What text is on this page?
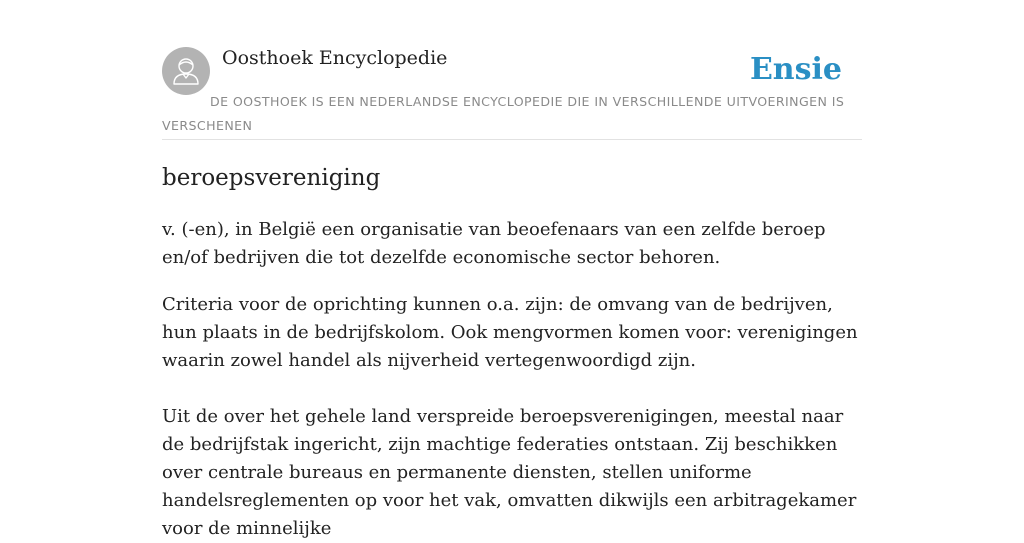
Oosthoek Encyclopedie	Ensie
DE OOSTHOEK IS EEN NEDERLANDSE ENCYCLOPEDIE DIE IN VERSCHILLENDE UITVOERINGEN IS VERSCHENEN
beroepsvereniging

v. (-en), in België een organisatie van beoefenaars van een zelfde beroep en/of bedrijven die tot dezelfde economische sector behoren.

Criteria voor de oprichting kunnen o.a. zijn: de omvang van de bedrijven, hun plaats in de bedrijfskolom. Ook mengvormen komen voor: verenigingen waarin zowel handel als nijverheid vertegenwoordigd zijn.

Uit de over het gehele land verspreide beroepsverenigingen, meestal naar de bedrijfstak ingericht, zijn machtige federaties ontstaan. Zij beschikken over centrale bureaus en permanente diensten, stellen uniforme handelsreglementen op voor het vak, omvatten dikwijls een arbitragekamer voor de minnelijke
